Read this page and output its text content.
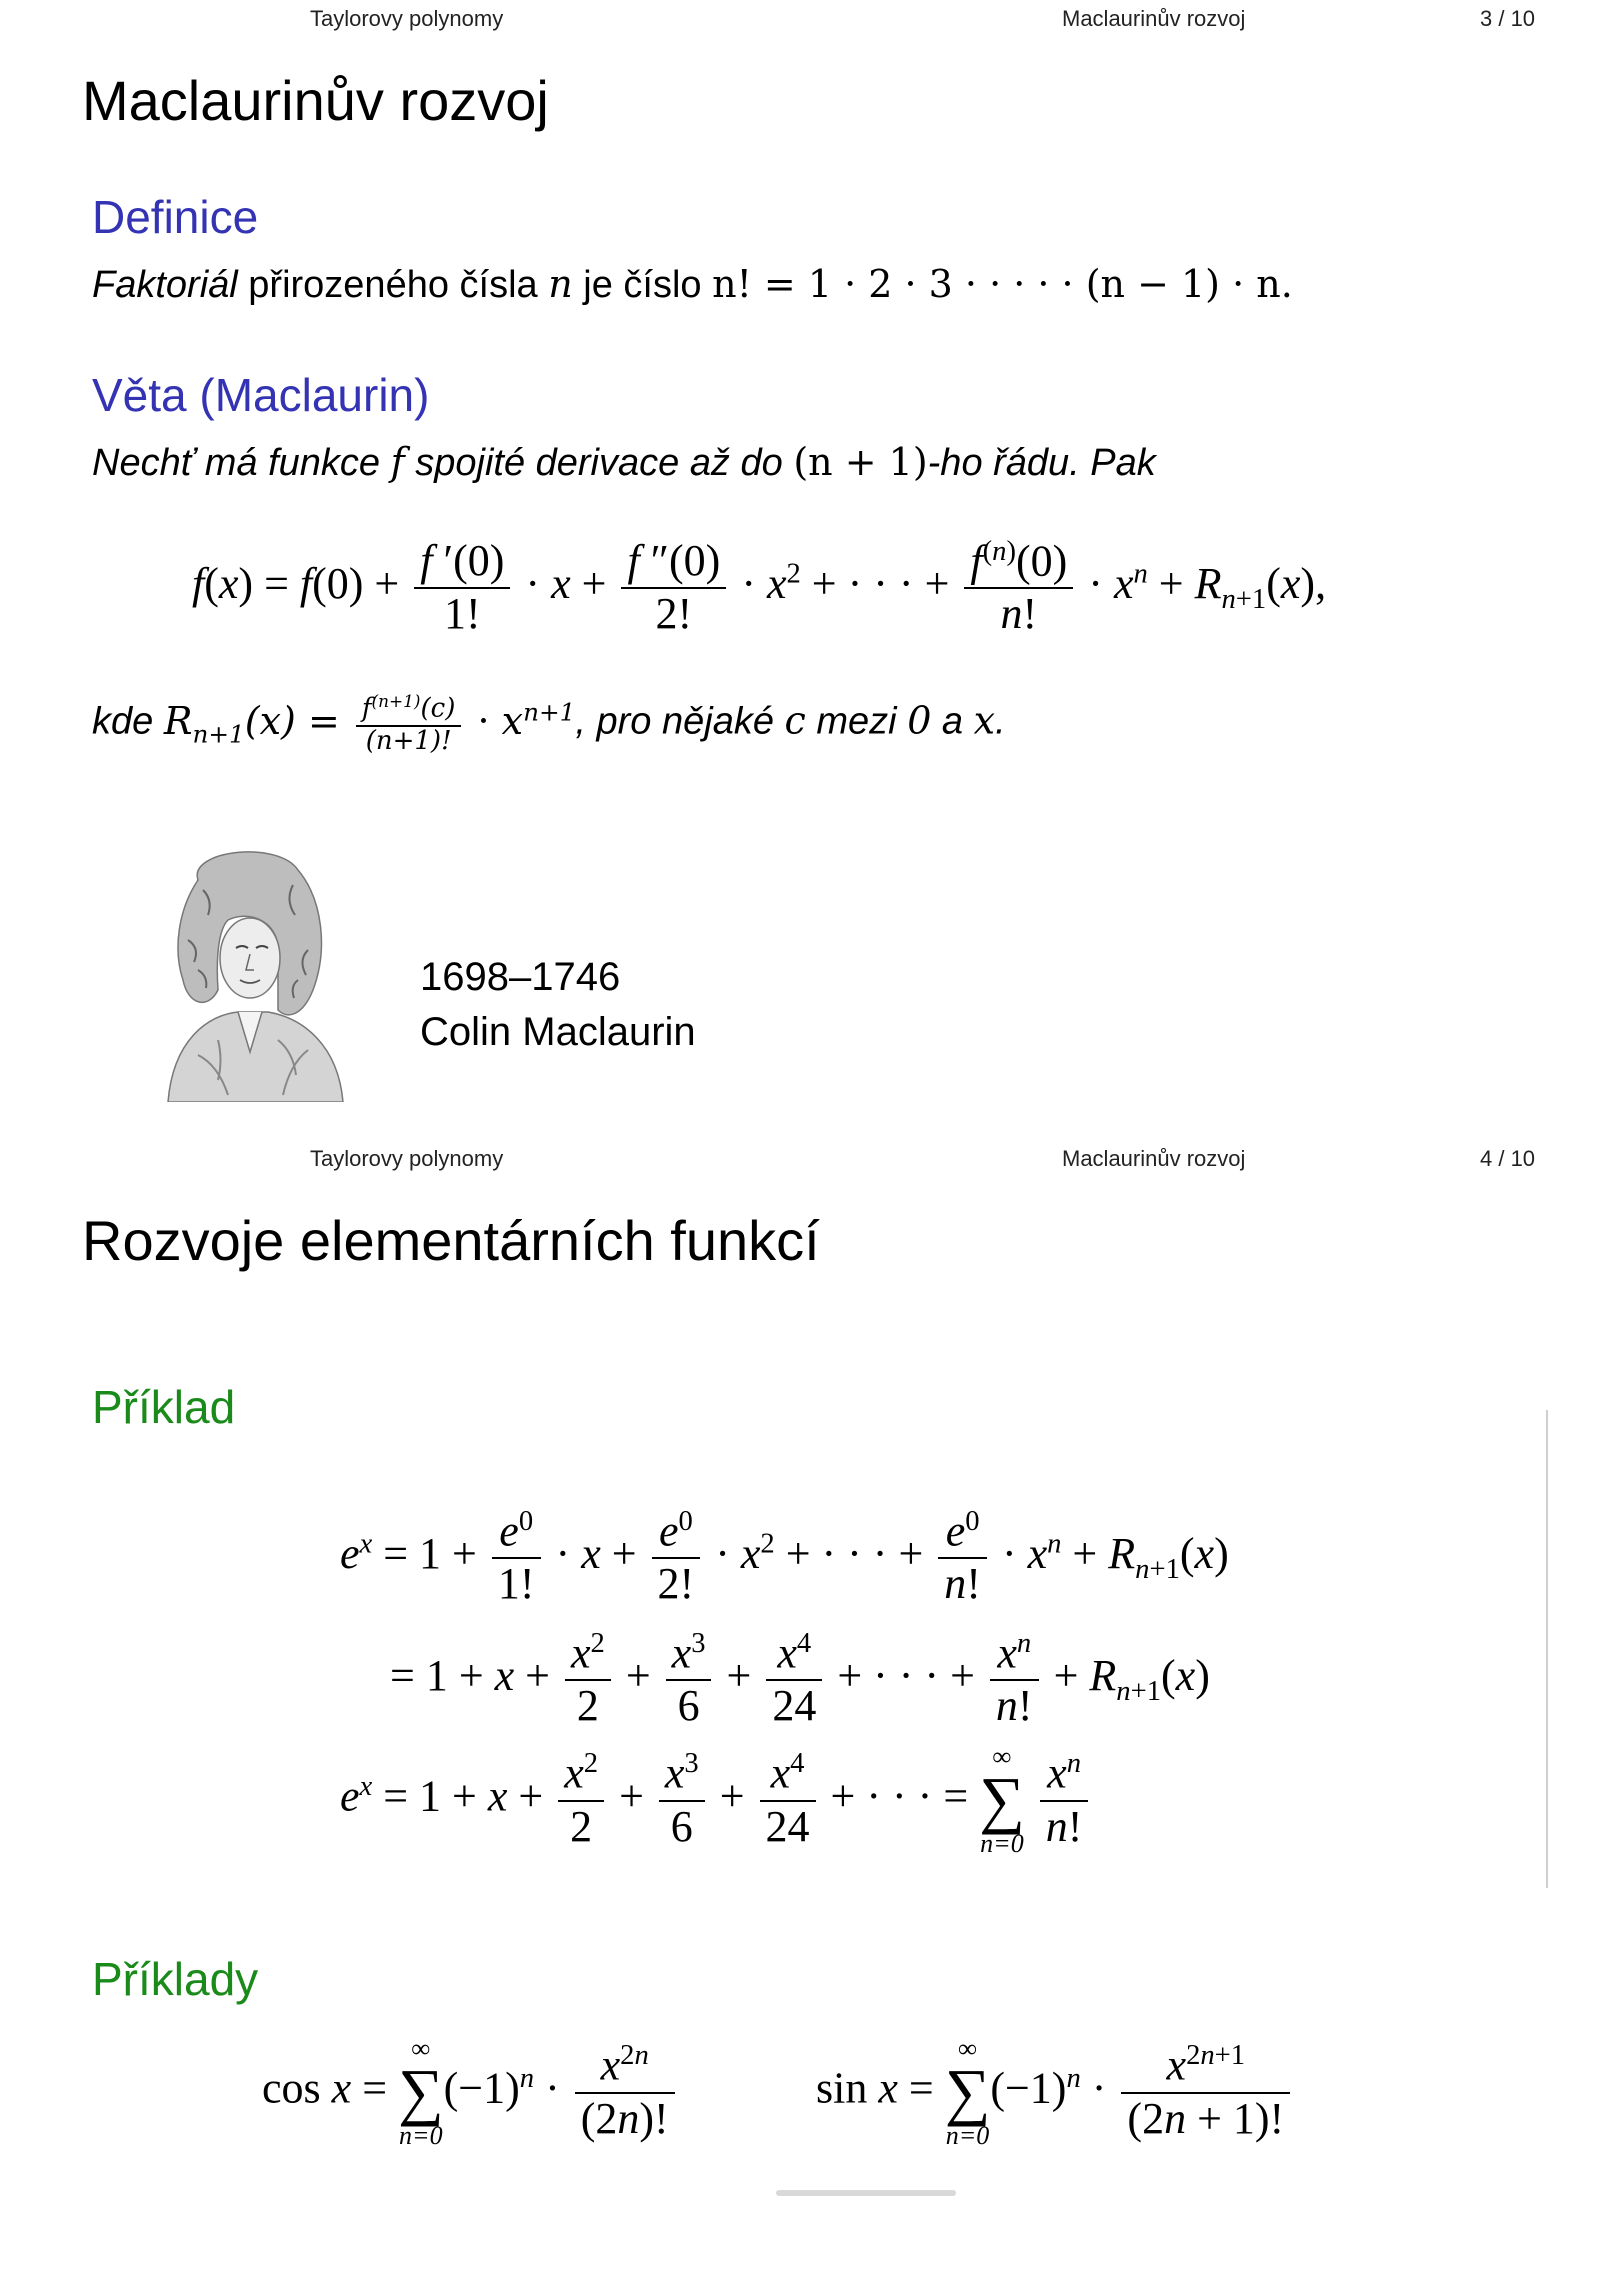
Taylorovy polynomy	Maclaurinův rozvoj	3 / 10
Maclaurinův rozvoj
Definice
Faktoriál přirozeného čísla n je číslo n! = 1 · 2 · 3 · · · · · (n − 1) · n.
Věta (Maclaurin)
Nechť má funkce f spojité derivace až do (n + 1)-ho řádu. Pak
$f(x) = f(0) + \frac{f '(0)}{1!} \cdot x + \frac{f ''(0)}{2!} \cdot x^2$ + · · · + $\frac{f^{(n)}(0)}{n!} \cdot x^n + R_{n+1}(x)$,
kde $R_{n+1}(x) = \frac{f^{(n+1)}(c)}{(n+1)!} \cdot x^{n+1}$, pro nějaké c mezi 0 a x.
1698–1746
Colin Maclaurin
Taylorovy polynomy	Maclaurinův rozvoj	4 / 10
Rozvoje elementárních funkcí
Příklad
$e^x = 1 + \frac{e^0}{1!} \cdot x + \frac{e^0}{2!} \cdot x^2$ + · · · + $\frac{e^0}{n!} \cdot x^n + R_{n+1}(x)$
= $1 + x + \frac{x^2}{2} + \frac{x^3}{6} + \frac{x^4}{24}$ + · · · + $\frac{x^n}{n!} + R_{n+1}(x)$
$e^x = 1 + x + \frac{x^2}{2} + \frac{x^3}{6} + \frac{x^4}{24}$ + · · · =
∞
∑
n=0
$\frac{x^n}{n!}$
Příklady
cos x =
∞
∑
n=0
$(-1)^n \cdot \frac{x^{2n}}{(2n)!}$	sin x =
∞
∑
n=0
$(-1)^n \cdot \frac{x^{2n+1}}{(2n + 1)!}$
